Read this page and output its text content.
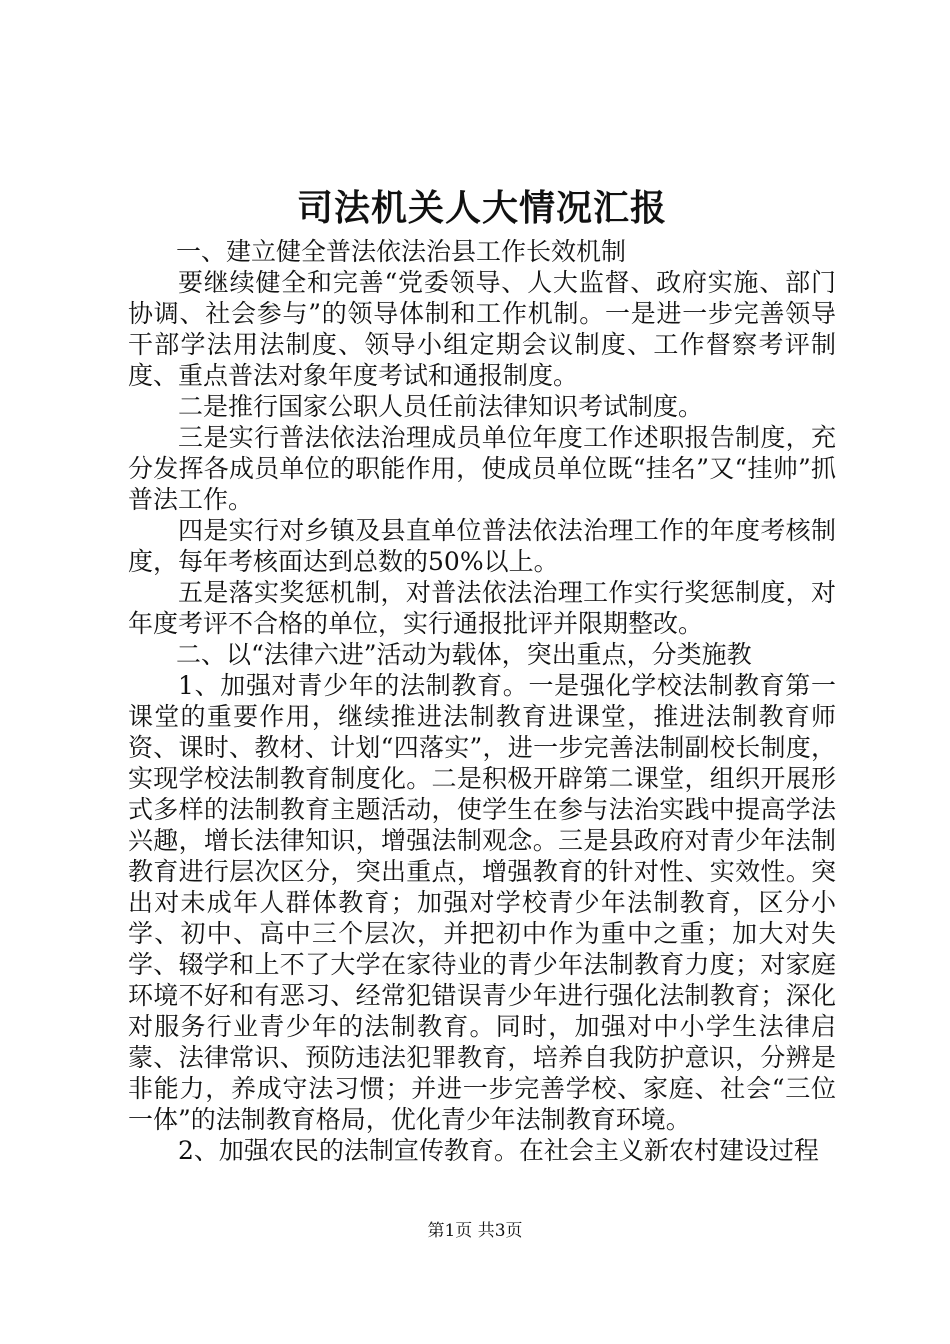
司法机关人大情况汇报

一、建立健全普法依法治县工作长效机制

要继续健全和完善“党委领导、人大监督、政府实施、部门协调、社会参与”的领导体制和工作机制。一是进一步完善领导干部学法用法制度、领导小组定期会议制度、工作督察考评制度、重点普法对象年度考试和通报制度。

二是推行国家公职人员任前法律知识考试制度。

三是实行普法依法治理成员单位年度工作述职报告制度，充分发挥各成员单位的职能作用，使成员单位既“挂名”又“挂帅”抓普法工作。

四是实行对乡镇及县直单位普法依法治理工作的年度考核制度，每年考核面达到总数的50%以上。

五是落实奖惩机制，对普法依法治理工作实行奖惩制度，对年度考评不合格的单位，实行通报批评并限期整改。

二、以“法律六进”活动为载体，突出重点，分类施教

1、加强对青少年的法制教育。一是强化学校法制教育第一课堂的重要作用，继续推进法制教育进课堂，推进法制教育师资、课时、教材、计划“四落实”，进一步完善法制副校长制度，实现学校法制教育制度化。二是积极开辟第二课堂，组织开展形式多样的法制教育主题活动，使学生在参与法治实践中提高学法兴趣，增长法律知识，增强法制观念。三是县政府对青少年法制教育进行层次区分，突出重点，增强教育的针对性、实效性。突出对未成年人群体教育；加强对学校青少年法制教育，区分小学、初中、高中三个层次，并把初中作为重中之重；加大对失学、辍学和上不了大学在家待业的青少年法制教育力度；对家庭环境不好和有恶习、经常犯错误青少年进行强化法制教育；深化对服务行业青少年的法制教育。同时，加强对中小学生法律启蒙、法律常识、预防违法犯罪教育，培养自我防护意识，分辨是非能力，养成守法习惯；并进一步完善学校、家庭、社会“三位一体”的法制教育格局，优化青少年法制教育环境。

2、加强农民的法制宣传教育。在社会主义新农村建设过程

第1页 共3页
